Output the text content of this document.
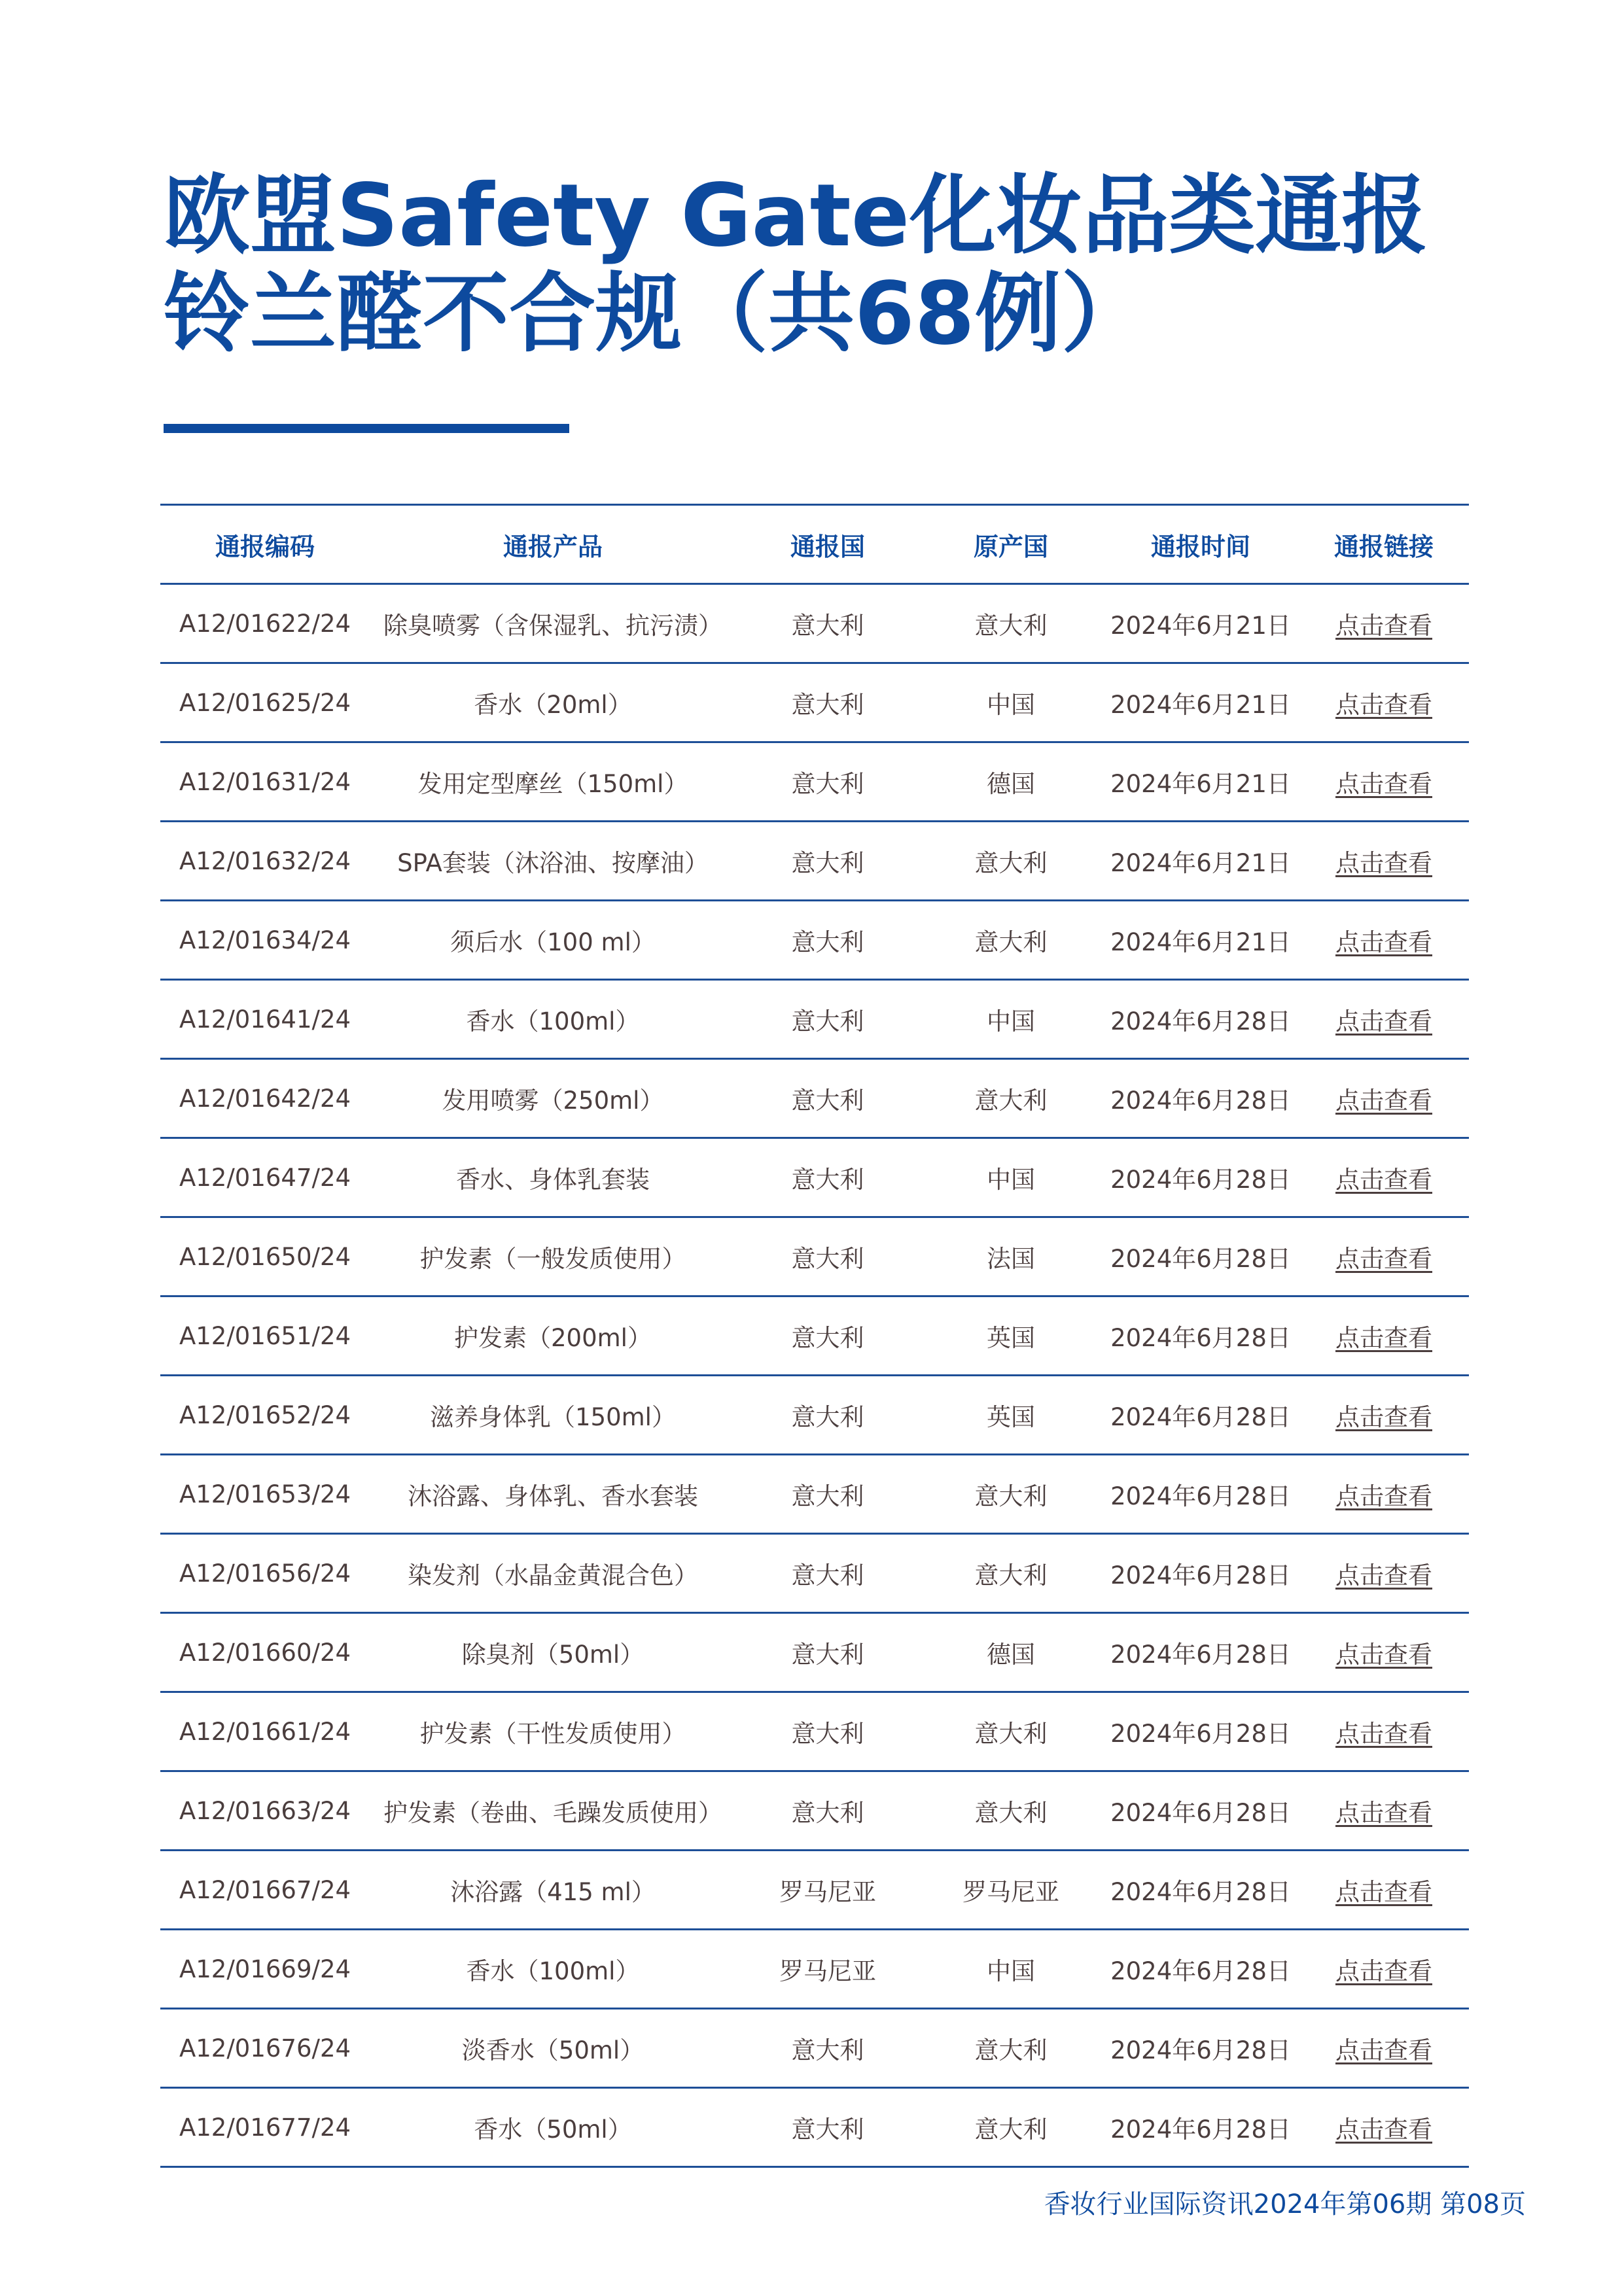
欧盟Safety Gate化妆品类通报
铃兰醛不合规（共68例）
通报编码	通报产品	通报国	原产国	通报时间	通报链接
A12/01622/24	除臭喷雾（含保湿乳、抗污渍）	意大利	意大利	2024年6月21日	点击查看
A12/01625/24	香水（20ml）	意大利	中国	2024年6月21日	点击查看
A12/01631/24	发用定型摩丝（150ml）	意大利	德国	2024年6月21日	点击查看
A12/01632/24	SPA套装（沐浴油、按摩油）	意大利	意大利	2024年6月21日	点击查看
A12/01634/24	须后水（100 ml）	意大利	意大利	2024年6月21日	点击查看
A12/01641/24	香水（100ml）	意大利	中国	2024年6月28日	点击查看
A12/01642/24	发用喷雾（250ml）	意大利	意大利	2024年6月28日	点击查看
A12/01647/24	香水、身体乳套装	意大利	中国	2024年6月28日	点击查看
A12/01650/24	护发素（一般发质使用）	意大利	法国	2024年6月28日	点击查看
A12/01651/24	护发素（200ml）	意大利	英国	2024年6月28日	点击查看
A12/01652/24	滋养身体乳（150ml）	意大利	英国	2024年6月28日	点击查看
A12/01653/24	沐浴露、身体乳、香水套装	意大利	意大利	2024年6月28日	点击查看
A12/01656/24	染发剂（水晶金黄混合色）	意大利	意大利	2024年6月28日	点击查看
A12/01660/24	除臭剂（50ml）	意大利	德国	2024年6月28日	点击查看
A12/01661/24	护发素（干性发质使用）	意大利	意大利	2024年6月28日	点击查看
A12/01663/24	护发素（卷曲、毛躁发质使用）	意大利	意大利	2024年6月28日	点击查看
A12/01667/24	沐浴露（415 ml）	罗马尼亚	罗马尼亚	2024年6月28日	点击查看
A12/01669/24	香水（100ml）	罗马尼亚	中国	2024年6月28日	点击查看
A12/01676/24	淡香水（50ml）	意大利	意大利	2024年6月28日	点击查看
A12/01677/24	香水（50ml）	意大利	意大利	2024年6月28日	点击查看
香妆行业国际资讯2024年第06期 第08页
